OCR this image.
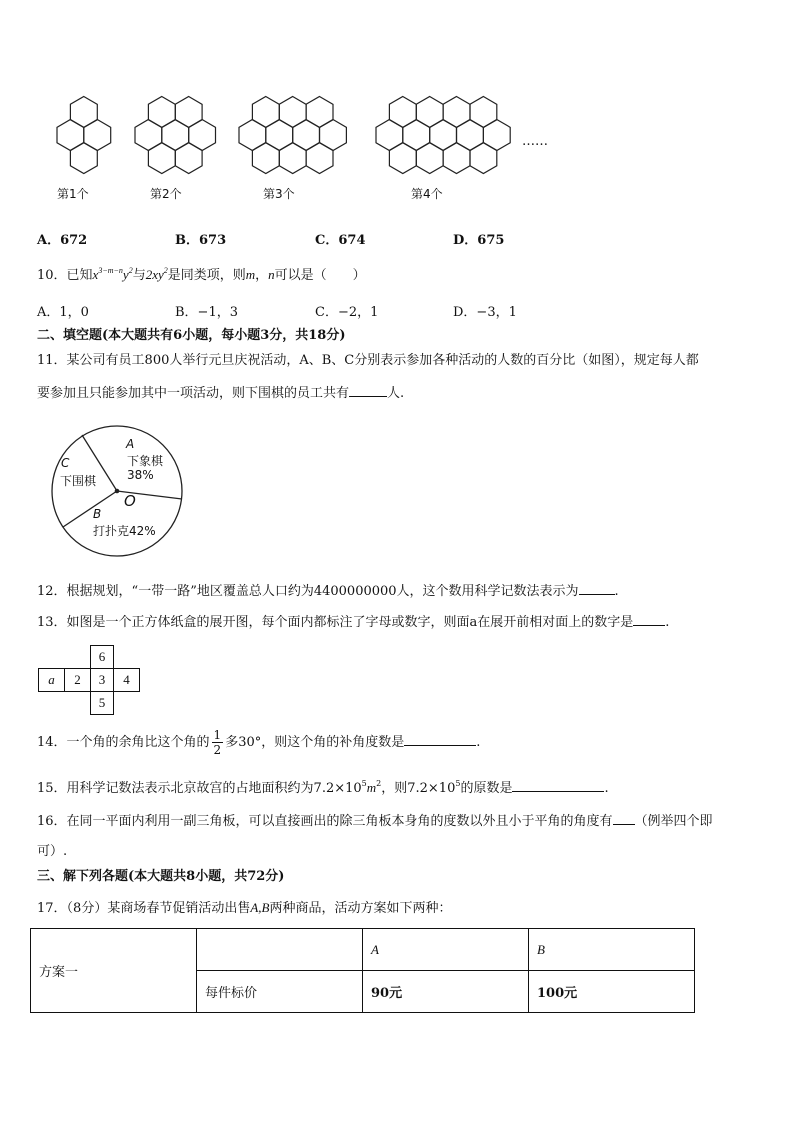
第1个	第2个	第3个	第4个
……
A．672	B．673	C．674	D．675
10．已知$x^{3-m-n}y^2$与$2xy^2$是同类项，则m，n可以是（　　）
A．1，0	B．−1，3	C．−2，1	D．−3，1
二、填空题(本大题共有6小题，每小题3分，共18分)
11．某公司有员工800人举行元旦庆祝活动，A、B、C分别表示参加各种活动的人数的百分比（如图），规定每人都
要参加且只能参加其中一项活动，则下围棋的员工共有	人.
A
下象棋
38%
C
下围棋
O
B
打扑克42%
12．根据规划，“一带一路”地区覆盖总人口约为4400000000人，这个数用科学记数法表示为	.
13．如图是一个正方体纸盒的展开图，每个面内都标注了字母或数字，则面a在展开前相对面上的数字是 .
6
a	2	3	4
5
14．一个角的余角比这个角的 $\frac{1}{2}$ 多30°，则这个角的补角度数是	.
15．用科学记数法表示北京故宫的占地面积约为$7.2\times 10^5m^2$，则$7.2\times 10^5$的原数是	.
16．在同一平面内利用一副三角板，可以直接画出的除三角板本身角的度数以外且小于平角的角度有 （例举四个即
可）.
三、解下列各题(本大题共8小题，共72分)
17．（8分）某商场春节促销活动出售A,B两种商品，活动方案如下两种：
方案一		A	B
	每件标价	90元	100元
